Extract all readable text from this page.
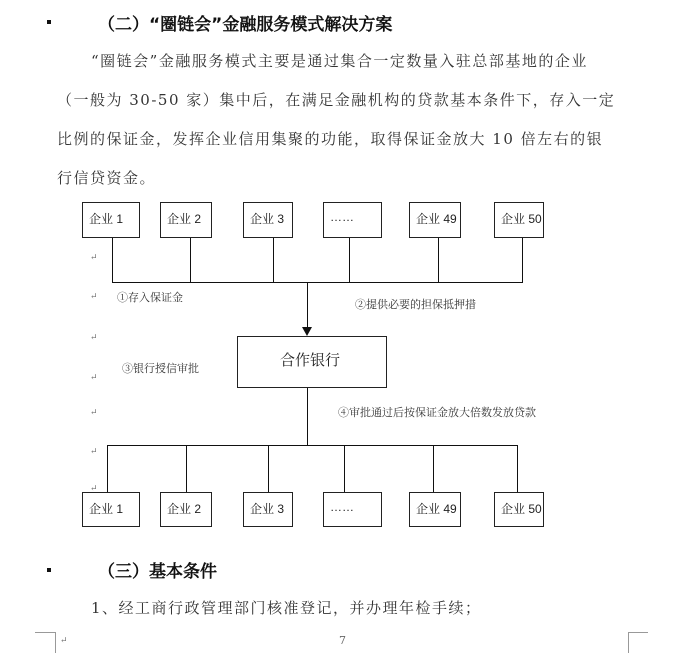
（二）“圈链会”金融服务模式解决方案
“圈链会”金融服务模式主要是通过集合一定数量入驻总部基地的企业
（一般为 30-50 家）集中后，在满足金融机构的贷款基本条件下，存入一定
比例的保证金，发挥企业信用集聚的功能，取得保证金放大 10 倍左右的银
行信贷资金。
企业 1	企业 2	企业 3	……	企业 49	企业 50
①存入保证金
②提供必要的担保抵押措
合作银行
③银行授信审批
④审批通过后按保证金放大倍数发放贷款
企业 1	企业 2	企业 3	……	企业 49	企业 50
↵
↵
↵
↵
↵
↵
↵
（三）基本条件
1、经工商行政管理部门核准登记，并办理年检手续；
↵	7
